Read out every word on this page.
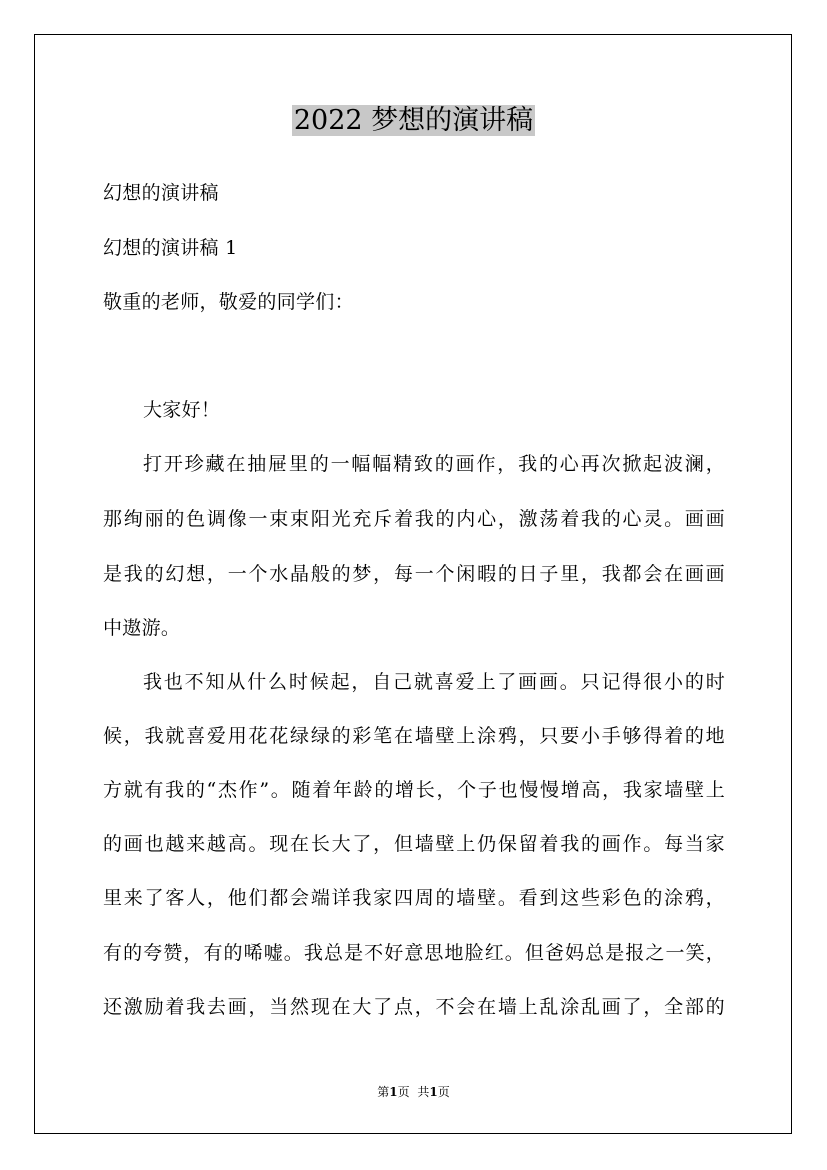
2022 梦想的演讲稿
幻想的演讲稿
幻想的演讲稿 1
敬重的老师，敬爱的同学们：
大家好！
打开珍藏在抽屉里的一幅幅精致的画作，我的心再次掀起波澜，
那绚丽的色调像一束束阳光充斥着我的内心，激荡着我的心灵。画画
是我的幻想，一个水晶般的梦，每一个闲暇的日子里，我都会在画画
中遨游。
我也不知从什么时候起，自己就喜爱上了画画。只记得很小的时
候，我就喜爱用花花绿绿的彩笔在墙壁上涂鸦，只要小手够得着的地
方就有我的“杰作”。随着年龄的增长，个子也慢慢增高，我家墙壁上
的画也越来越高。现在长大了，但墙壁上仍保留着我的画作。每当家
里来了客人，他们都会端详我家四周的墙壁。看到这些彩色的涂鸦，
有的夸赞，有的唏嘘。我总是不好意思地脸红。但爸妈总是报之一笑，
还激励着我去画，当然现在大了点，不会在墙上乱涂乱画了，全部的
第1页 共1页
